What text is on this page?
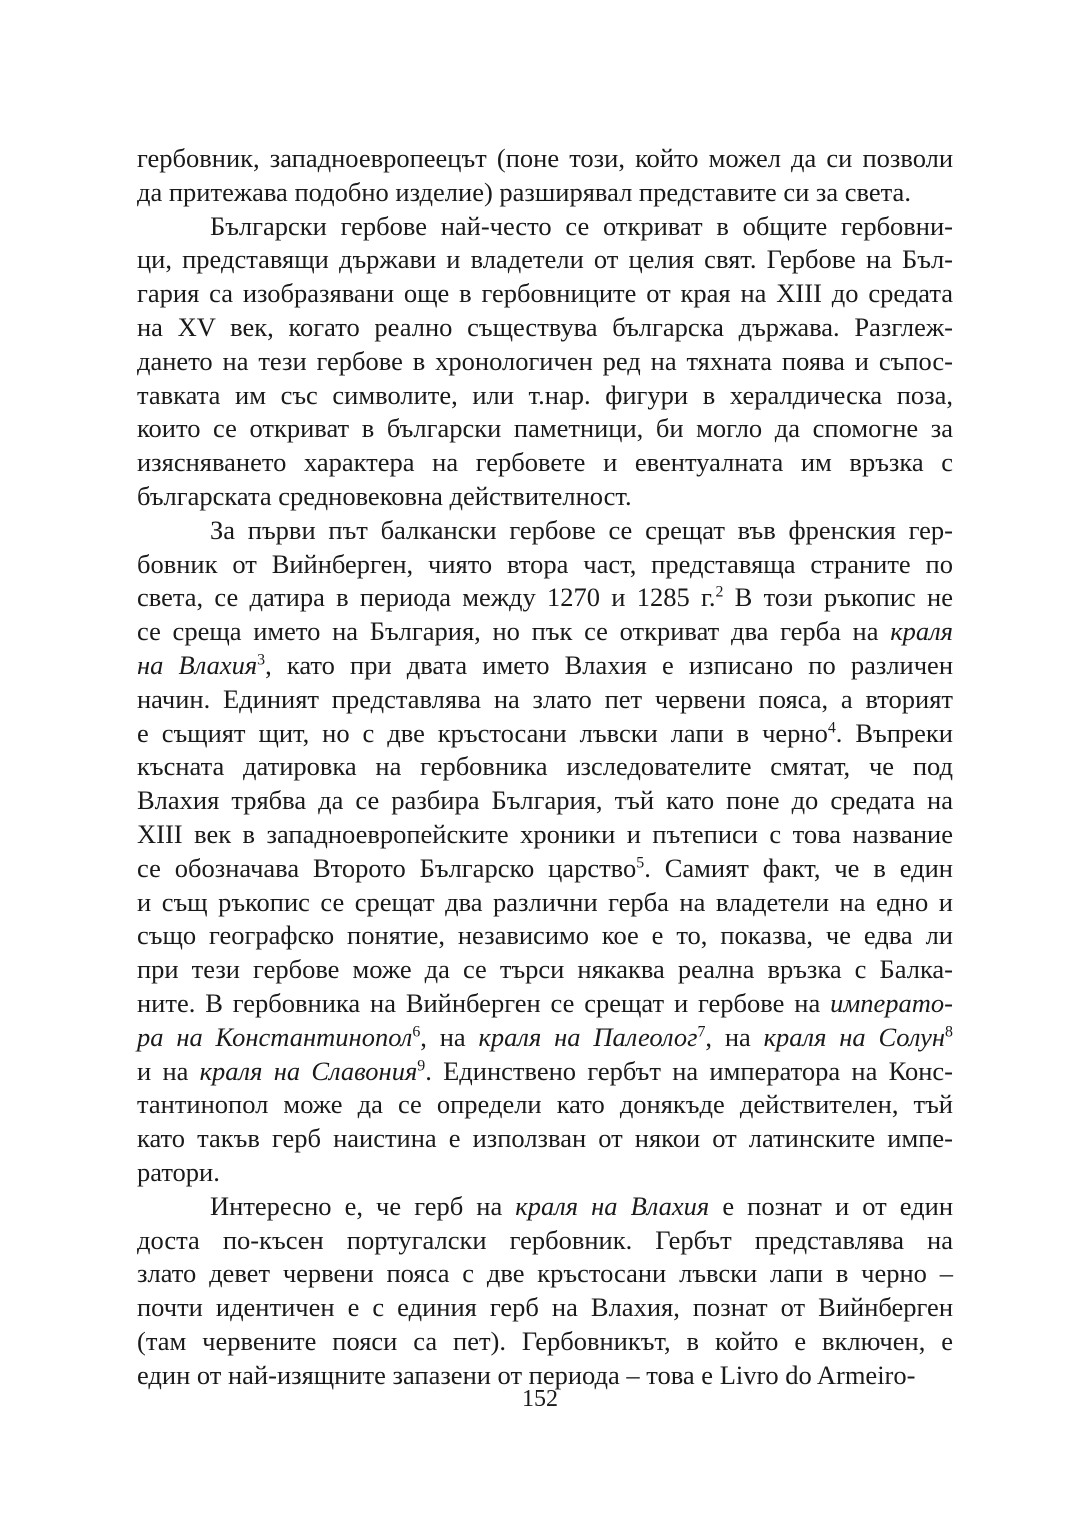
гербовник, западноевропеецът (поне този, който можел да си позволи
да притежава подобно изделие) разширявал представите си за света.
Български гербове най-често се откриват в общите гербовни-
ци, представящи държави и владетели от целия свят. Гербове на Бъл-
гария са изобразявани още в гербовниците от края на XIII до средата
на XV век, когато реално съществува българска държава. Разглеж-
дането на тези гербове в хронологичен ред на тяхната поява и съпос-
тавката им със символите, или т.нар. фигури в хералдическа поза,
които се откриват в български паметници, би могло да спомогне за
изясняването характера на гербовете и евентуалната им връзка с
българската средновековна действителност.
За първи път балкански гербове се срещат във френския гер-
бовник от Вийнберген, чиято втора част, представяща страните по
света, се датира в периода между 1270 и 1285 г.$^2$ В този ръкопис не
се среща името на България, но пък се откриват два герба на краля
на Влахия$^3$, като при двата името Влахия е изписано по различен
начин. Единият представлява на злато пет червени пояса, а вторият
е същият щит, но с две кръстосани лъвски лапи в черно$^4$. Въпреки
късната датировка на гербовника изследователите смятат, че под
Влахия трябва да се разбира България, тъй като поне до средата на
XIII век в западноевропейските хроники и пътеписи с това название
се обозначава Второто Българско царство$^5$. Самият факт, че в един
и същ ръкопис се срещат два различни герба на владетели на едно и
също географско понятие, независимо кое е то, показва, че едва ли
при тези гербове може да се търси някаква реална връзка с Балка-
ните. В гербовника на Вийнберген се срещат и гербове на императо-
ра на Константинопол$^6$, на краля на Палеолог$^7$, на краля на Солун$^8$
и на краля на Славония$^9$. Единствено гербът на императора на Конс-
тантинопол може да се определи като донякъде действителен, тъй
като такъв герб наистина е използван от някои от латинските импе-
ратори.
Интересно е, че герб на краля на Влахия е познат и от един
доста по-късен португалски гербовник. Гербът представлява на
злато девет червени пояса с две кръстосани лъвски лапи в черно –
почти идентичен е с единия герб на Влахия, познат от Вийнберген
(там червените пояси са пет). Гербовникът, в който е включен, е
един от най-изящните запазени от периода – това е Livro do Armeiro-
152
